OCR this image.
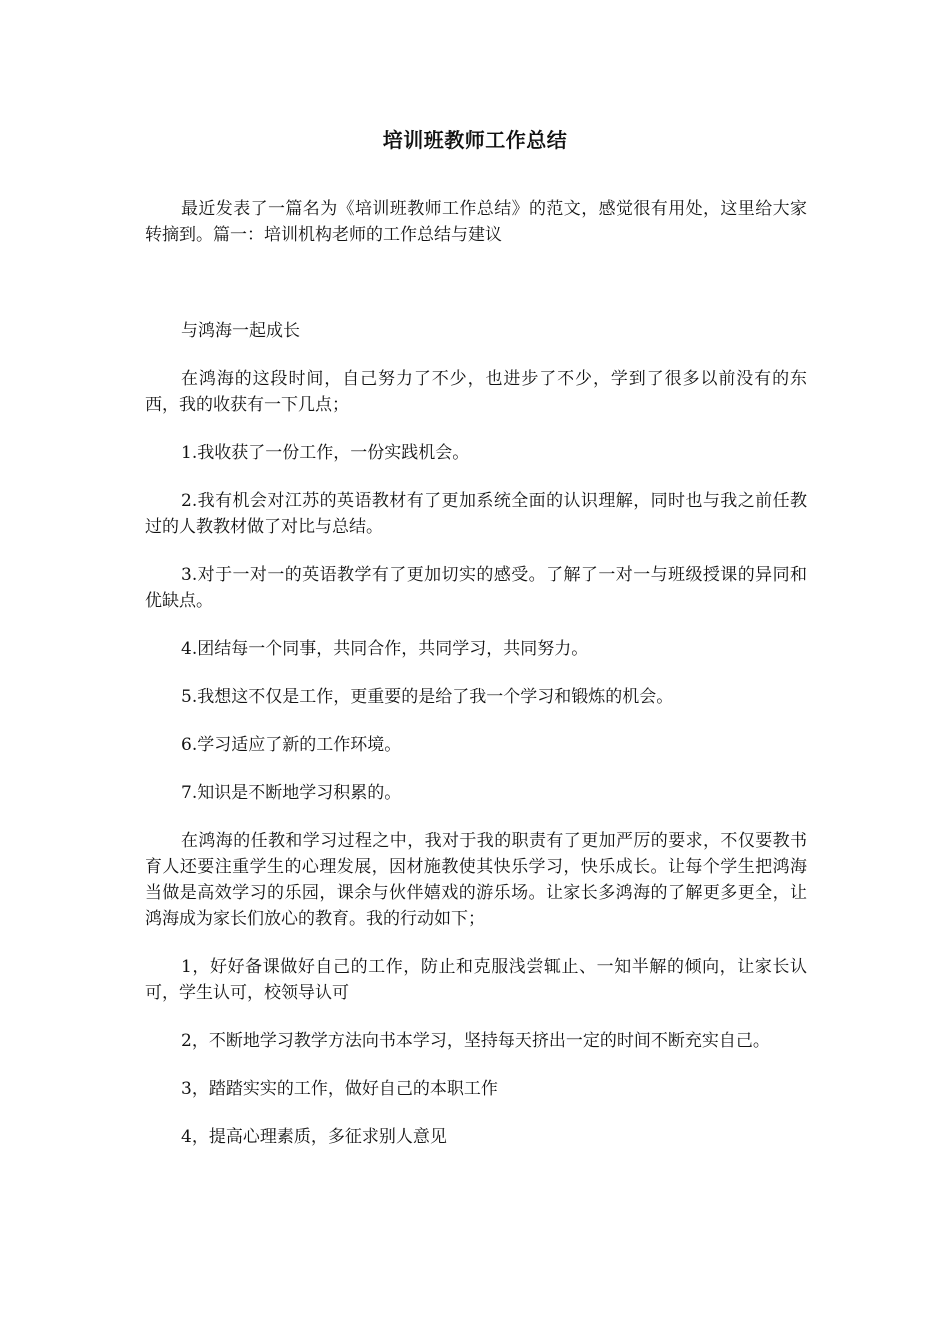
培训班教师工作总结

最近发表了一篇名为《培训班教师工作总结》的范文，感觉很有用处，这里给大家转摘到。篇一：培训机构老师的工作总结与建议

与鸿海一起成长

在鸿海的这段时间，自己努力了不少，也进步了不少，学到了很多以前没有的东西，我的收获有一下几点；

1.我收获了一份工作，一份实践机会。

2.我有机会对江苏的英语教材有了更加系统全面的认识理解，同时也与我之前任教过的人教教材做了对比与总结。

3.对于一对一的英语教学有了更加切实的感受。了解了一对一与班级授课的异同和优缺点。

4.团结每一个同事，共同合作，共同学习，共同努力。

5.我想这不仅是工作，更重要的是给了我一个学习和锻炼的机会。

6.学习适应了新的工作环境。

7.知识是不断地学习积累的。

在鸿海的任教和学习过程之中，我对于我的职责有了更加严厉的要求，不仅要教书育人还要注重学生的心理发展，因材施教使其快乐学习，快乐成长。让每个学生把鸿海当做是高效学习的乐园，课余与伙伴嬉戏的游乐场。让家长多鸿海的了解更多更全，让鸿海成为家长们放心的教育。我的行动如下；

1，好好备课做好自己的工作，防止和克服浅尝辄止、一知半解的倾向，让家长认可，学生认可，校领导认可

2，不断地学习教学方法向书本学习，坚持每天挤出一定的时间不断充实自己。

3，踏踏实实的工作，做好自己的本职工作

4，提高心理素质，多征求别人意见
